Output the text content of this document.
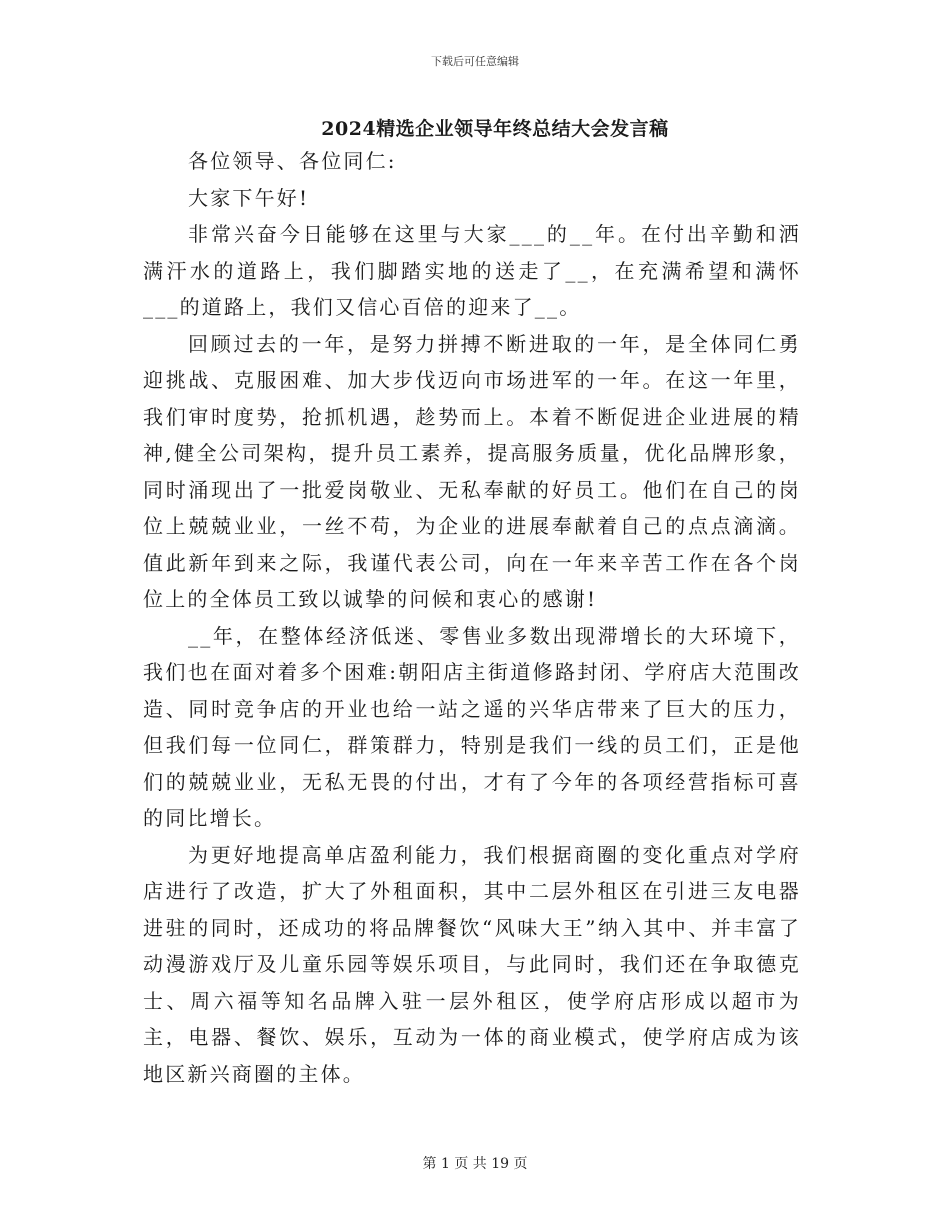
下载后可任意编辑
2024精选企业领导年终总结大会发言稿

各位领导、各位同仁:

大家下午好!

非常兴奋今日能够在这里与大家___的__年。在付出辛勤和洒满汗水的道路上，我们脚踏实地的送走了__，在充满希望和满怀___的道路上，我们又信心百倍的迎来了__。

回顾过去的一年，是努力拼搏不断进取的一年，是全体同仁勇迎挑战、克服困难、加大步伐迈向市场进军的一年。在这一年里，我们审时度势，抢抓机遇，趁势而上。本着不断促进企业进展的精神,健全公司架构，提升员工素养，提高服务质量，优化品牌形象，同时涌现出了一批爱岗敬业、无私奉献的好员工。他们在自己的岗位上兢兢业业，一丝不苟，为企业的进展奉献着自己的点点滴滴。值此新年到来之际，我谨代表公司，向在一年来辛苦工作在各个岗位上的全体员工致以诚挚的问候和衷心的感谢!

__年，在整体经济低迷、零售业多数出现滞增长的大环境下，我们也在面对着多个困难:朝阳店主街道修路封闭、学府店大范围改造、同时竞争店的开业也给一站之遥的兴华店带来了巨大的压力，但我们每一位同仁，群策群力，特别是我们一线的员工们，正是他们的兢兢业业，无私无畏的付出，才有了今年的各项经营指标可喜的同比增长。

为更好地提高单店盈利能力，我们根据商圈的变化重点对学府店进行了改造，扩大了外租面积，其中二层外租区在引进三友电器进驻的同时，还成功的将品牌餐饮“风味大王”纳入其中、并丰富了动漫游戏厅及儿童乐园等娱乐项目，与此同时，我们还在争取德克士、周六福等知名品牌入驻一层外租区，使学府店形成以超市为主，电器、餐饮、娱乐，互动为一体的商业模式，使学府店成为该地区新兴商圈的主体。

第 1 页 共 19 页
